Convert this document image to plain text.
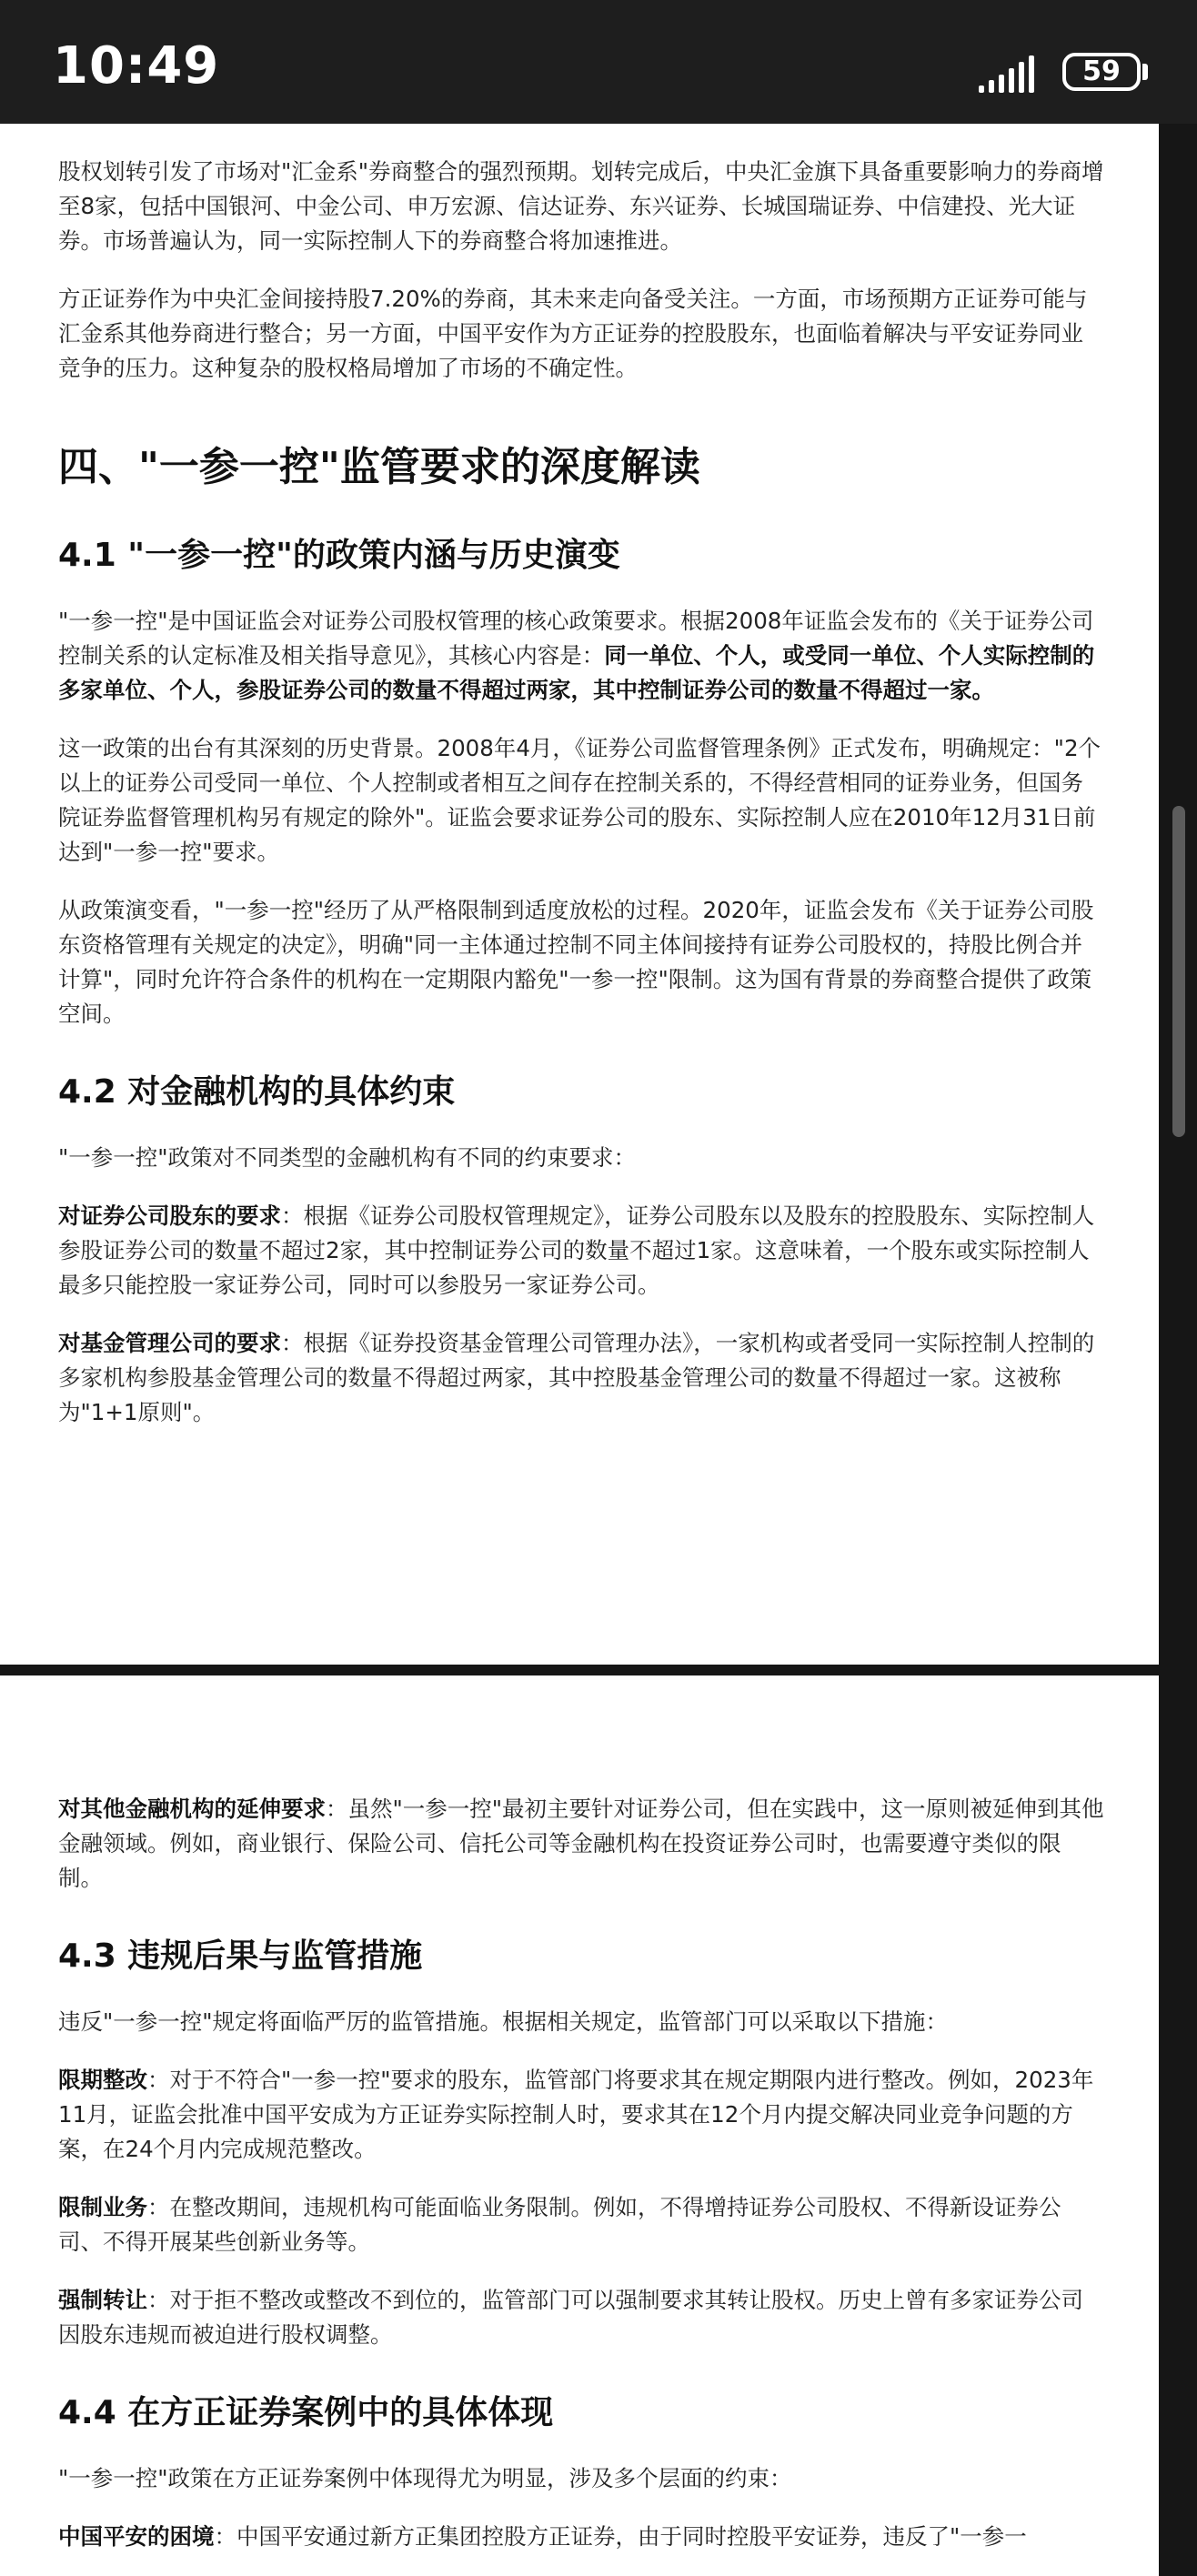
10:49	59

股权划转引发了市场对"汇金系"券商整合的强烈预期。划转完成后，中央汇金旗下具备重要影响力的券商增至8家，包括中国银河、中金公司、申万宏源、信达证券、东兴证券、长城国瑞证券、中信建投、光大证券。市场普遍认为，同一实际控制人下的券商整合将加速推进。

方正证券作为中央汇金间接持股7.20%的券商，其未来走向备受关注。一方面，市场预期方正证券可能与汇金系其他券商进行整合；另一方面，中国平安作为方正证券的控股股东，也面临着解决与平安证券同业竞争的压力。这种复杂的股权格局增加了市场的不确定性。

四、"一参一控"监管要求的深度解读
4.1 "一参一控"的政策内涵与历史演变

"一参一控"是中国证监会对证券公司股权管理的核心政策要求。根据2008年证监会发布的《关于证券公司控制关系的认定标准及相关指导意见》，其核心内容是：同一单位、个人，或受同一单位、个人实际控制的多家单位、个人，参股证券公司的数量不得超过两家，其中控制证券公司的数量不得超过一家。

这一政策的出台有其深刻的历史背景。2008年4月，《证券公司监督管理条例》正式发布，明确规定："2个以上的证券公司受同一单位、个人控制或者相互之间存在控制关系的，不得经营相同的证券业务，但国务院证券监督管理机构另有规定的除外"。证监会要求证券公司的股东、实际控制人应在2010年12月31日前达到"一参一控"要求。

从政策演变看，"一参一控"经历了从严格限制到适度放松的过程。2020年，证监会发布《关于证券公司股东资格管理有关规定的决定》，明确"同一主体通过控制不同主体间接持有证券公司股权的，持股比例合并计算"，同时允许符合条件的机构在一定期限内豁免"一参一控"限制。这为国有背景的券商整合提供了政策空间。

4.2 对金融机构的具体约束

"一参一控"政策对不同类型的金融机构有不同的约束要求：

对证券公司股东的要求：根据《证券公司股权管理规定》，证券公司股东以及股东的控股股东、实际控制人参股证券公司的数量不超过2家，其中控制证券公司的数量不超过1家。这意味着，一个股东或实际控制人最多只能控股一家证券公司，同时可以参股另一家证券公司。

对基金管理公司的要求：根据《证券投资基金管理公司管理办法》，一家机构或者受同一实际控制人控制的多家机构参股基金管理公司的数量不得超过两家，其中控股基金管理公司的数量不得超过一家。这被称为"1+1原则"。

对其他金融机构的延伸要求：虽然"一参一控"最初主要针对证券公司，但在实践中，这一原则被延伸到其他金融领域。例如，商业银行、保险公司、信托公司等金融机构在投资证券公司时，也需要遵守类似的限制。

4.3 违规后果与监管措施

违反"一参一控"规定将面临严厉的监管措施。根据相关规定，监管部门可以采取以下措施：

限期整改：对于不符合"一参一控"要求的股东，监管部门将要求其在规定期限内进行整改。例如，2023年11月，证监会批准中国平安成为方正证券实际控制人时，要求其在12个月内提交解决同业竞争问题的方案，在24个月内完成规范整改。

限制业务：在整改期间，违规机构可能面临业务限制。例如，不得增持证券公司股权、不得新设证券公司、不得开展某些创新业务等。

强制转让：对于拒不整改或整改不到位的，监管部门可以强制要求其转让股权。历史上曾有多家证券公司因股东违规而被迫进行股权调整。

4.4 在方正证券案例中的具体体现

"一参一控"政策在方正证券案例中体现得尤为明显，涉及多个层面的约束：

中国平安的困境：中国平安通过新方正集团控股方正证券，由于同时控股平安证券，违反了"一参一
